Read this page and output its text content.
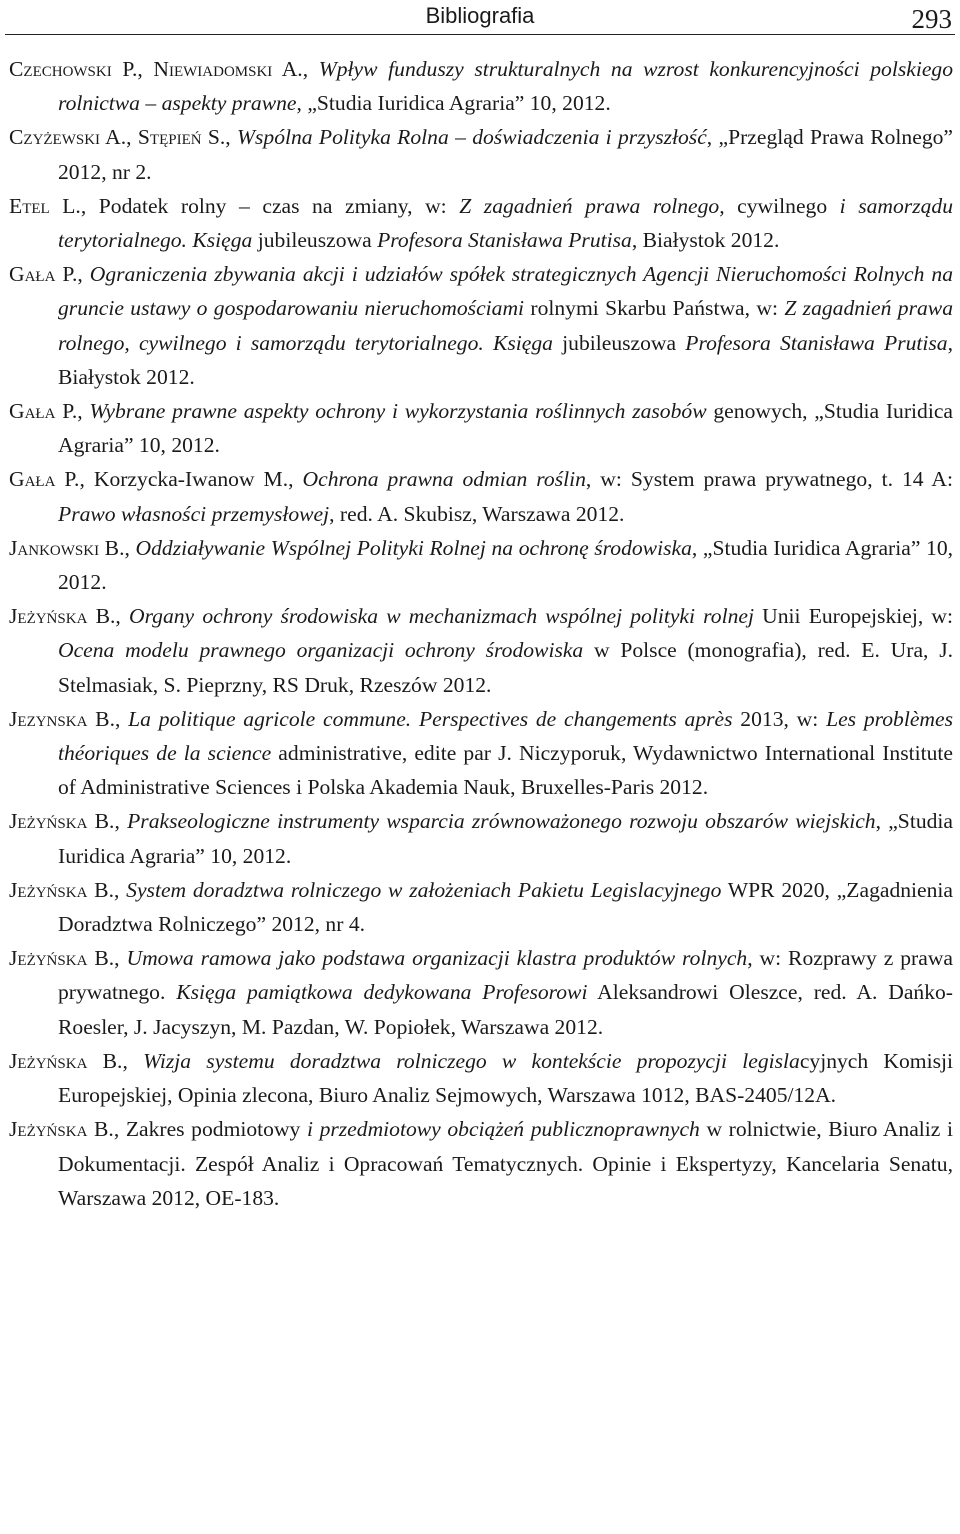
Bibliografia	293
Czechowski P., Niewiadomski A., Wpływ funduszy strukturalnych na wzrost konkurencyjności polskiego rolnictwa – aspekty prawne, „Studia Iuridica Agraria” 10, 2012.
Czyżewski A., Stępień S., Wspólna Polityka Rolna – doświadczenia i przyszłość, „Przegląd Prawa Rolnego” 2012, nr 2.
Etel L., Podatek rolny – czas na zmiany, w: Z zagadnień prawa rolnego, cywilnego i samorządu terytorialnego. Księga jubileuszowa Profesora Stanisława Prutisa, Białystok 2012.
Gała P., Ograniczenia zbywania akcji i udziałów spółek strategicznych Agencji Nieruchomości Rolnych na gruncie ustawy o gospodarowaniu nieruchomościami rolnymi Skarbu Państwa, w: Z zagadnień prawa rolnego, cywilnego i samorządu terytorialnego. Księga jubileuszowa Profesora Stanisława Prutisa, Białystok 2012.
Gała P., Wybrane prawne aspekty ochrony i wykorzystania roślinnych zasobów genowych, „Studia Iuridica Agraria” 10, 2012.
Gała P., Korzycka-Iwanow M., Ochrona prawna odmian roślin, w: System prawa prywatnego, t. 14 A: Prawo własności przemysłowej, red. A. Skubisz, Warszawa 2012.
Jankowski B., Oddziaływanie Wspólnej Polityki Rolnej na ochronę środowiska, „Studia Iuridica Agraria” 10, 2012.
Jeżyńska B., Organy ochrony środowiska w mechanizmach wspólnej polityki rolnej Unii Europejskiej, w: Ocena modelu prawnego organizacji ochrony środowiska w Polsce (monografia), red. E. Ura, J. Stelmasiak, S. Pieprzny, RS Druk, Rzeszów 2012.
Jezynska B., La politique agricole commune. Perspectives de changements après 2013, w: Les problèmes théoriques de la science administrative, edite par J. Niczyporuk, Wydawnictwo International Institute of Administrative Sciences i Polska Akademia Nauk, Bruxelles-Paris 2012.
Jeżyńska B., Prakseologiczne instrumenty wsparcia zrównoważonego rozwoju obszarów wiejskich, „Studia Iuridica Agraria” 10, 2012.
Jeżyńska B., System doradztwa rolniczego w założeniach Pakietu Legislacyjnego WPR 2020, „Zagadnienia Doradztwa Rolniczego” 2012, nr 4.
Jeżyńska B., Umowa ramowa jako podstawa organizacji klastra produktów rolnych, w: Rozprawy z prawa prywatnego. Księga pamiątkowa dedykowana Profesorowi Aleksandrowi Oleszce, red. A. Dańko-Roesler, J. Jacyszyn, M. Pazdan, W. Popiołek, Warszawa 2012.
Jeżyńska B., Wizja systemu doradztwa rolniczego w kontekście propozycji legislacyjnych Komisji Europejskiej, Opinia zlecona, Biuro Analiz Sejmowych, Warszawa 1012, BAS-2405/12A.
Jeżyńska B., Zakres podmiotowy i przedmiotowy obciążeń publicznoprawnych w rolnictwie, Biuro Analiz i Dokumentacji. Zespół Analiz i Opracowań Tematycznych. Opinie i Ekspertyzy, Kancelaria Senatu, Warszawa 2012, OE-183.
